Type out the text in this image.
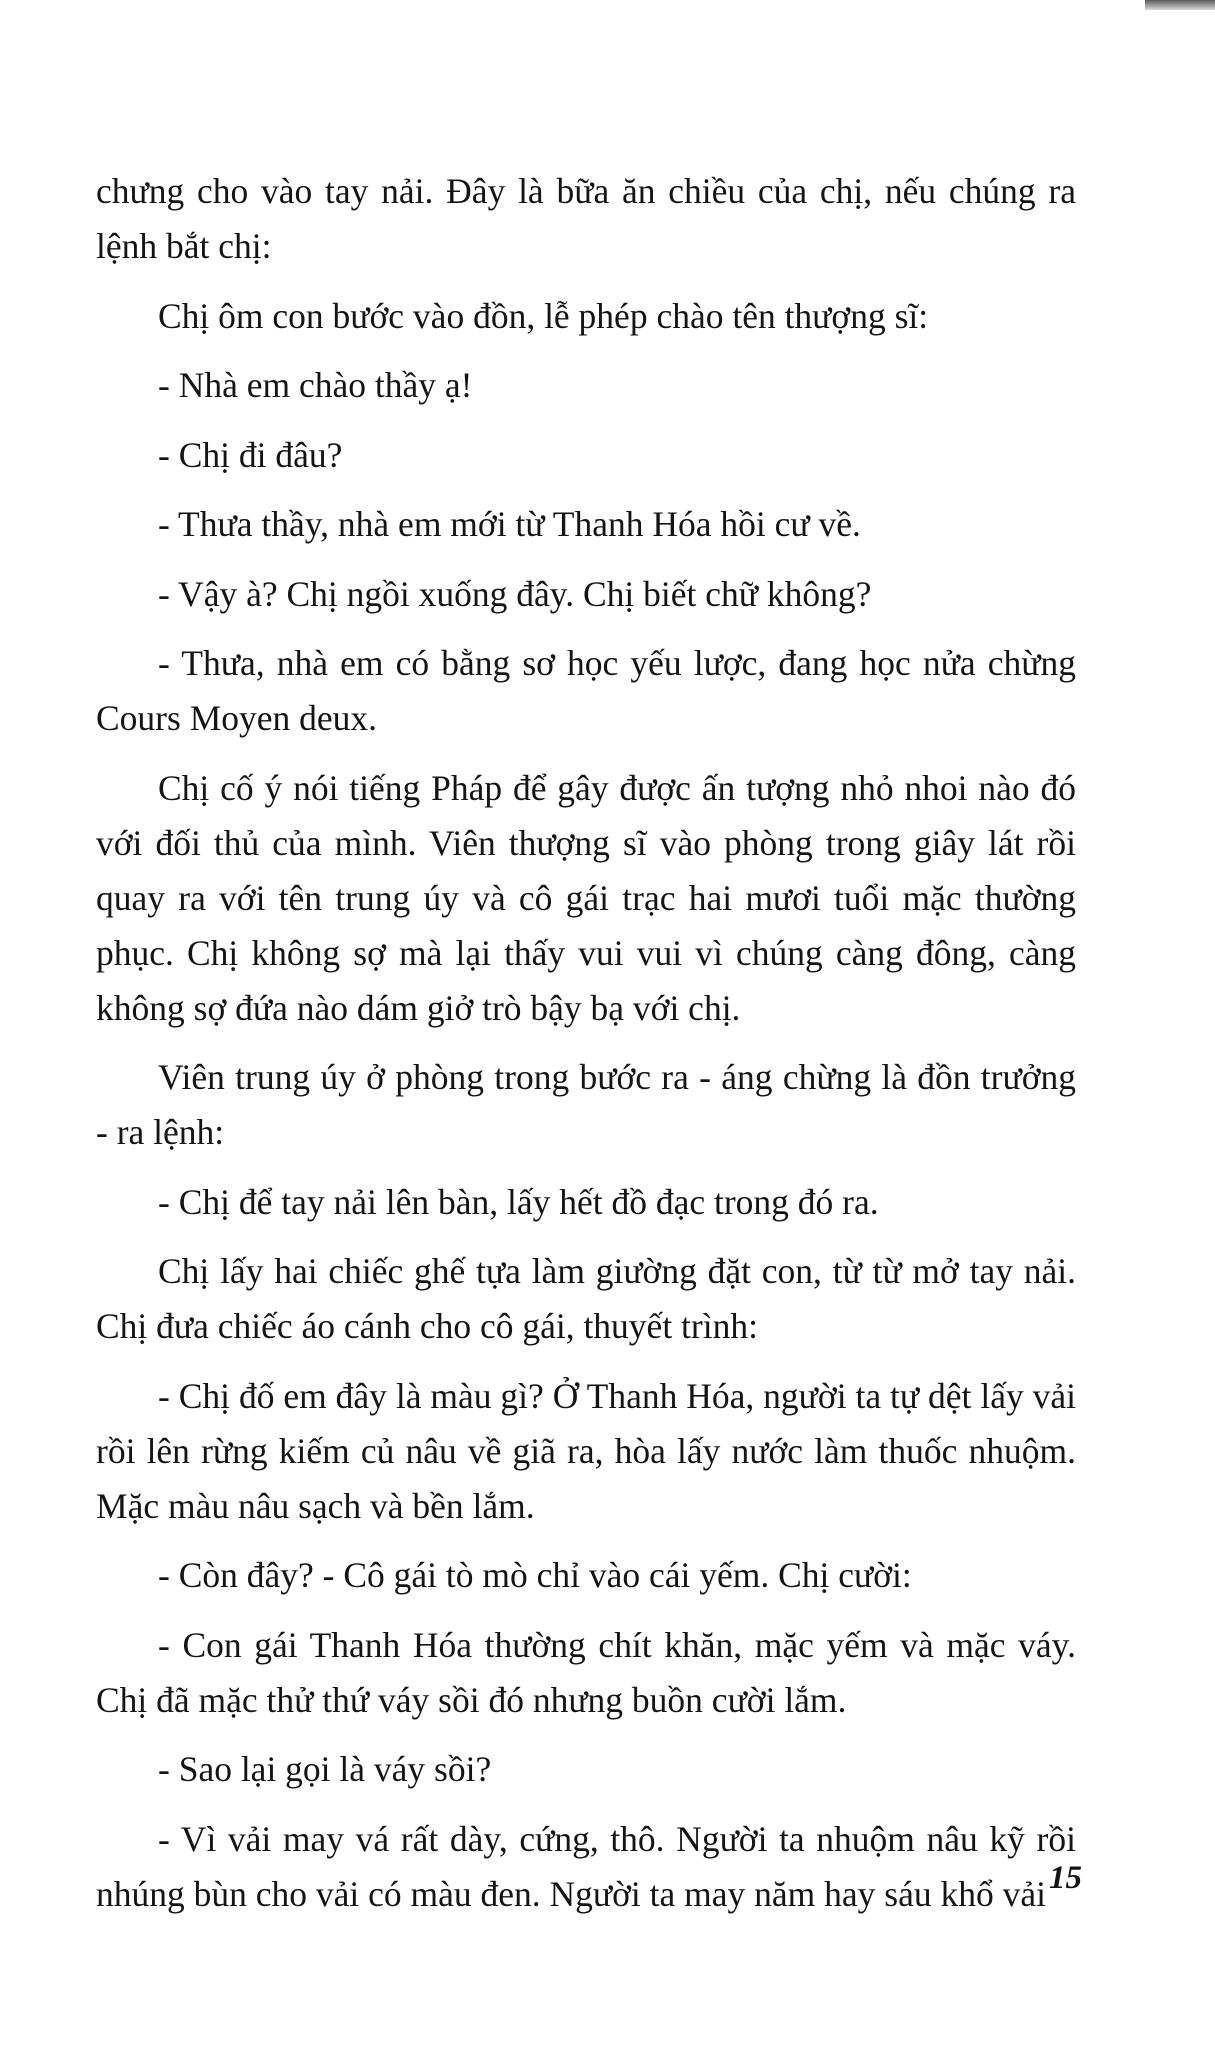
chưng cho vào tay nải. Đây là bữa ăn chiều của chị, nếu chúng ra lệnh bắt chị:

Chị ôm con bước vào đồn, lễ phép chào tên thượng sĩ:

- Nhà em chào thầy ạ!

- Chị đi đâu?

- Thưa thầy, nhà em mới từ Thanh Hóa hồi cư về.

- Vậy à? Chị ngồi xuống đây. Chị biết chữ không?

- Thưa, nhà em có bằng sơ học yếu lược, đang học nửa chừng Cours Moyen deux.

Chị cố ý nói tiếng Pháp để gây được ấn tượng nhỏ nhoi nào đó với đối thủ của mình. Viên thượng sĩ vào phòng trong giây lát rồi quay ra với tên trung úy và cô gái trạc hai mươi tuổi mặc thường phục. Chị không sợ mà lại thấy vui vui vì chúng càng đông, càng không sợ đứa nào dám giở trò bậy bạ với chị.

Viên trung úy ở phòng trong bước ra - áng chừng là đồn trưởng - ra lệnh:

- Chị để tay nải lên bàn, lấy hết đồ đạc trong đó ra.

Chị lấy hai chiếc ghế tựa làm giường đặt con, từ từ mở tay nải. Chị đưa chiếc áo cánh cho cô gái, thuyết trình:

- Chị đố em đây là màu gì? Ở Thanh Hóa, người ta tự dệt lấy vải rồi lên rừng kiếm củ nâu về giã ra, hòa lấy nước làm thuốc nhuộm. Mặc màu nâu sạch và bền lắm.

- Còn đây? - Cô gái tò mò chỉ vào cái yếm. Chị cười:

- Con gái Thanh Hóa thường chít khăn, mặc yếm và mặc váy. Chị đã mặc thử thứ váy sồi đó nhưng buồn cười lắm.

- Sao lại gọi là váy sồi?

- Vì vải may vá rất dày, cứng, thô. Người ta nhuộm nâu kỹ rồi nhúng bùn cho vải có màu đen. Người ta may năm hay sáu khổ vải 15
